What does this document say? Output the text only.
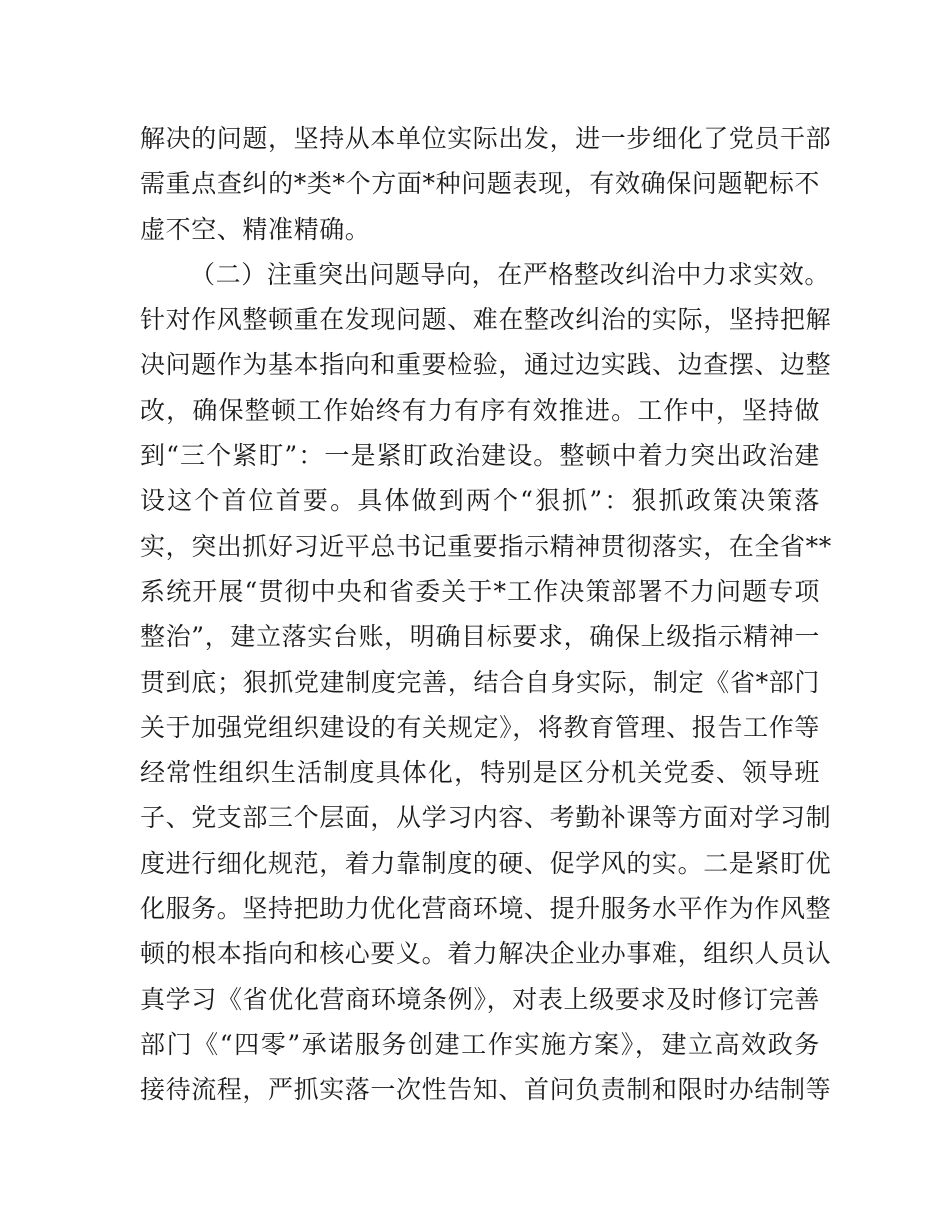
解决的问题，坚持从本单位实际出发，进一步细化了党员干部
需重点查纠的*类*个方面*种问题表现，有效确保问题靶标不
虚不空、精准精确。
（二）注重突出问题导向，在严格整改纠治中力求实效。
针对作风整顿重在发现问题、难在整改纠治的实际，坚持把解
决问题作为基本指向和重要检验，通过边实践、边查摆、边整
改，确保整顿工作始终有力有序有效推进。工作中，坚持做
到“三个紧盯”：一是紧盯政治建设。整顿中着力突出政治建
设这个首位首要。具体做到两个“狠抓”：狠抓政策决策落
实，突出抓好习近平总书记重要指示精神贯彻落实，在全省**
系统开展“贯彻中央和省委关于*工作决策部署不力问题专项
整治”，建立落实台账，明确目标要求，确保上级指示精神一
贯到底；狠抓党建制度完善，结合自身实际，制定《省*部门
关于加强党组织建设的有关规定》，将教育管理、报告工作等
经常性组织生活制度具体化，特别是区分机关党委、领导班
子、党支部三个层面，从学习内容、考勤补课等方面对学习制
度进行细化规范，着力靠制度的硬、促学风的实。二是紧盯优
化服务。坚持把助力优化营商环境、提升服务水平作为作风整
顿的根本指向和核心要义。着力解决企业办事难，组织人员认
真学习《省优化营商环境条例》，对表上级要求及时修订完善
部门《“四零”承诺服务创建工作实施方案》，建立高效政务
接待流程，严抓实落一次性告知、首问负责制和限时办结制等
